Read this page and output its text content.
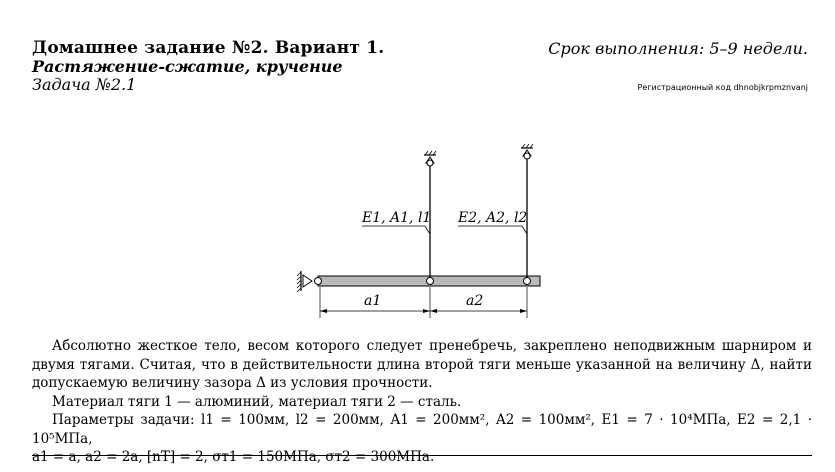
Домашнее задание №2. Вариант 1.
Растяжение-сжатие, кручение
Задача №2.1
Срок выполнения: 5–9 недели.
Регистрационный код dhnobjkrpmznvanj
E1, A1, l1 E2, A2, l2
a1	a2

Абсолютно жесткое тело, весом которого следует пренебречь, закреплено неподвижным шарниром и двумя тягами. Считая, что в действительности длина второй тяги меньше указанной на величину Δ, найти допускаемую величину зазора Δ из условия прочности.

Материал тяги 1 — алюминий, материал тяги 2 — сталь.

Параметры задачи: l1 = 100мм, l2 = 200мм, A1 = 200мм², A2 = 100мм², E1 = 7 · 10⁴МПа, E2 = 2,1 · 10⁵МПа,

a1 = a, a2 = 2a, [nT] = 2, σт1 = 150МПа, σт2 = 300МПа.
